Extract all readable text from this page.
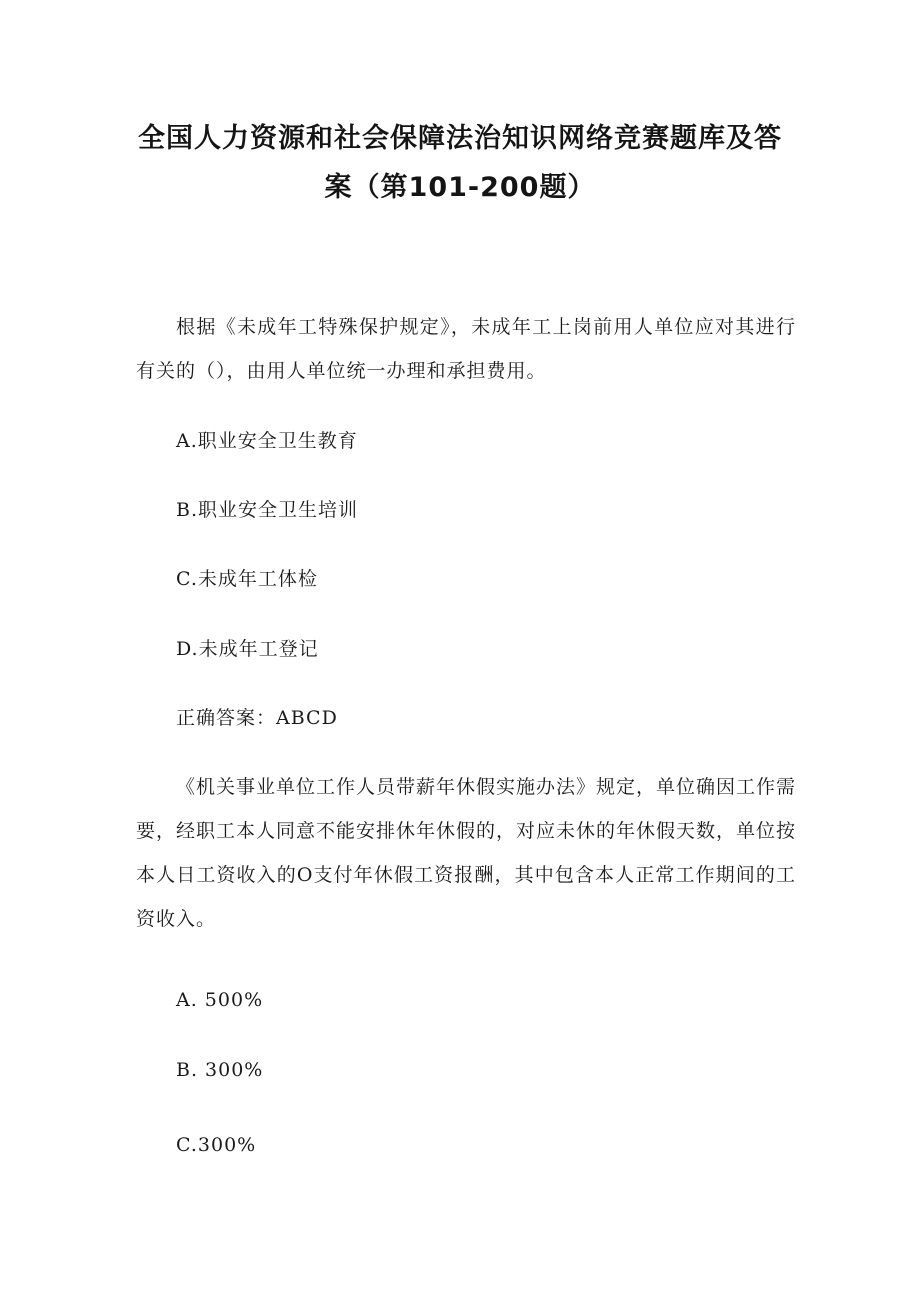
全国人力资源和社会保障法治知识网络竞赛题库及答
案（第101-200题）
根据《未成年工特殊保护规定》，未成年工上岗前用人单位应对其进行有关的（），由用人单位统一办理和承担费用。
A.职业安全卫生教育
B.职业安全卫生培训
C.未成年工体检
D.未成年工登记
正确答案：ABCD
《机关事业单位工作人员带薪年休假实施办法》规定，单位确因工作需要，经职工本人同意不能安排休年休假的，对应未休的年休假天数，单位按本人日工资收入的O支付年休假工资报酬，其中包含本人正常工作期间的工资收入。
A. 500%
B. 300%
C.300%
